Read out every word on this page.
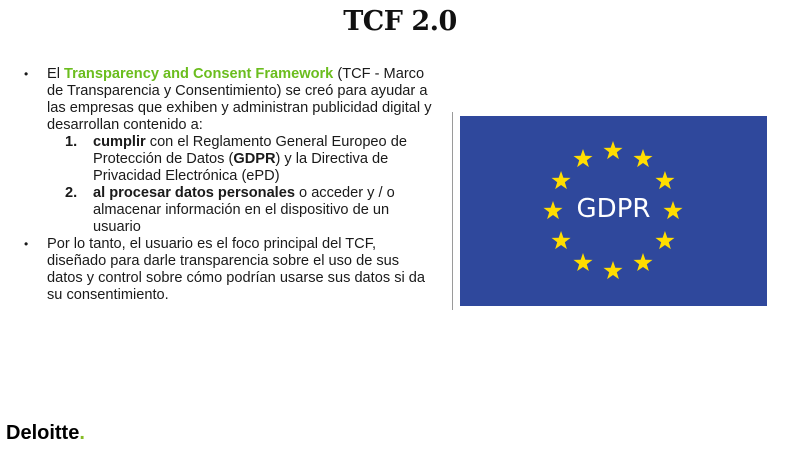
TCF 2.0
• El Transparency and Consent Framework (TCF - Marco de Transparencia y Consentimiento) se creó para ayudar a las empresas que exhiben y administran publicidad digital y desarrollan contenido a:
1. cumplir con el Reglamento General Europeo de Protección de Datos (GDPR) y la Directiva de Privacidad Electrónica (ePD)
2. al procesar datos personales o acceder y / o almacenar información en el dispositivo de un usuario
• Por lo tanto, el usuario es el foco principal del TCF, diseñado para darle transparencia sobre el uso de sus datos y control sobre cómo podrían usarse sus datos si da su consentimiento.
GDPR
Deloitte.
